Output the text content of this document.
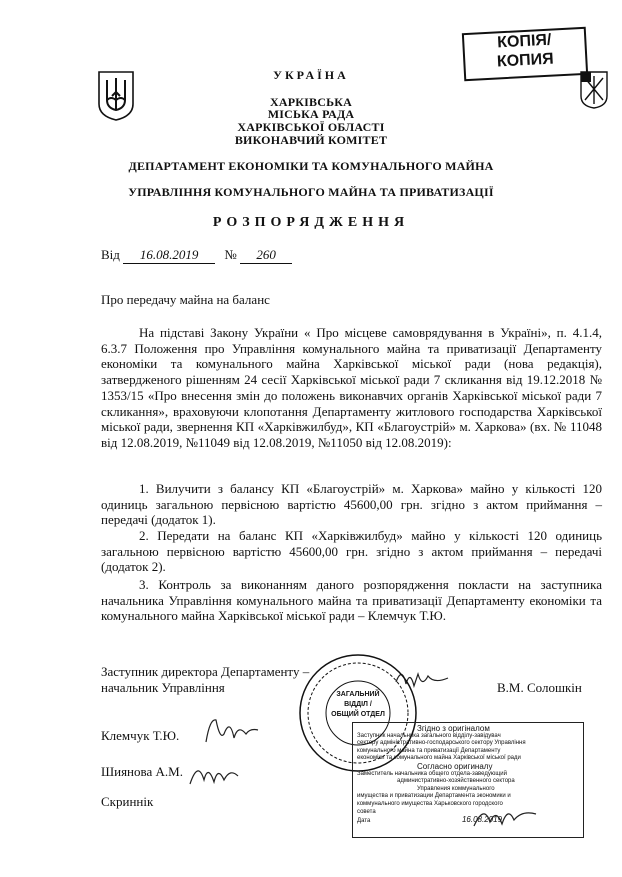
КОПІЯ/
КОПИЯ
УКРАЇНА
ХАРКІВСЬКА
МІСЬКА РАДА
ХАРКІВСЬКОЇ ОБЛАСТІ
ВИКОНАВЧИЙ КОМІТЕТ
ДЕПАРТАМЕНТ ЕКОНОМІКИ ТА КОМУНАЛЬНОГО МАЙНА
УПРАВЛІННЯ КОМУНАЛЬНОГО МАЙНА ТА ПРИВАТИЗАЦІЇ
РОЗПОРЯДЖЕННЯ
Від 16.08.2019 № 260
Про передачу майна на баланс
На підставі Закону України « Про місцеве самоврядування в Україні», п. 4.1.4, 6.3.7 Положення про Управління комунального майна та приватизації Департаменту економіки та комунального майна Харківської міської ради (нова редакція), затвердженого рішенням 24 сесії Харківської міської ради 7 скликання від 19.12.2018 № 1353/15 «Про внесення змін до положень виконавчих органів Харківської міської ради 7 скликання», враховуючи клопотання Департаменту житлового господарства Харківської міської ради, звернення КП «Харківжилбуд», КП «Благоустрій» м. Харкова» (вх. № 11048 від 12.08.2019, №11049 від 12.08.2019, №11050 від 12.08.2019):
1. Вилучити з балансу КП «Благоустрій» м. Харкова» майно у кількості 120 одиниць загальною первісною вартістю 45600,00 грн. згідно з актом приймання – передачі (додаток 1).
2. Передати на баланс КП «Харківжилбуд» майно у кількості 120 одиниць загальною первісною вартістю 45600,00 грн. згідно з актом приймання – передачі (додаток 2).
3. Контроль за виконанням даного розпорядження покласти на заступника начальника Управління комунального майна та приватизації Департаменту економіки та комунального майна Харківської міської ради – Клемчук Т.Ю.
Заступник директора Департаменту –
начальник Управління	В.М. Солошкін
Клемчук Т.Ю.
Шиянова А.М.
Скриннік
ЗАГАЛЬНИЙ
ВІДДІЛ /
ОБЩИЙ ОТДЕЛ
Згідно з оригіналом
Заступник начальника загального відділу-завідувач
сектору адміністративно-господарського сектору Управління
комунального майна та приватизації Департаменту
економіки та комунального майна Харківської міської ради
Согласно оригиналу
Заместитель начальника общего отдела-заведующий
административно-хозяйственного сектора
Управления коммунального
имущества и приватизации Департамента экономики и
коммунального имущества Харьковского городского
совета
Дата	16.08.2019
